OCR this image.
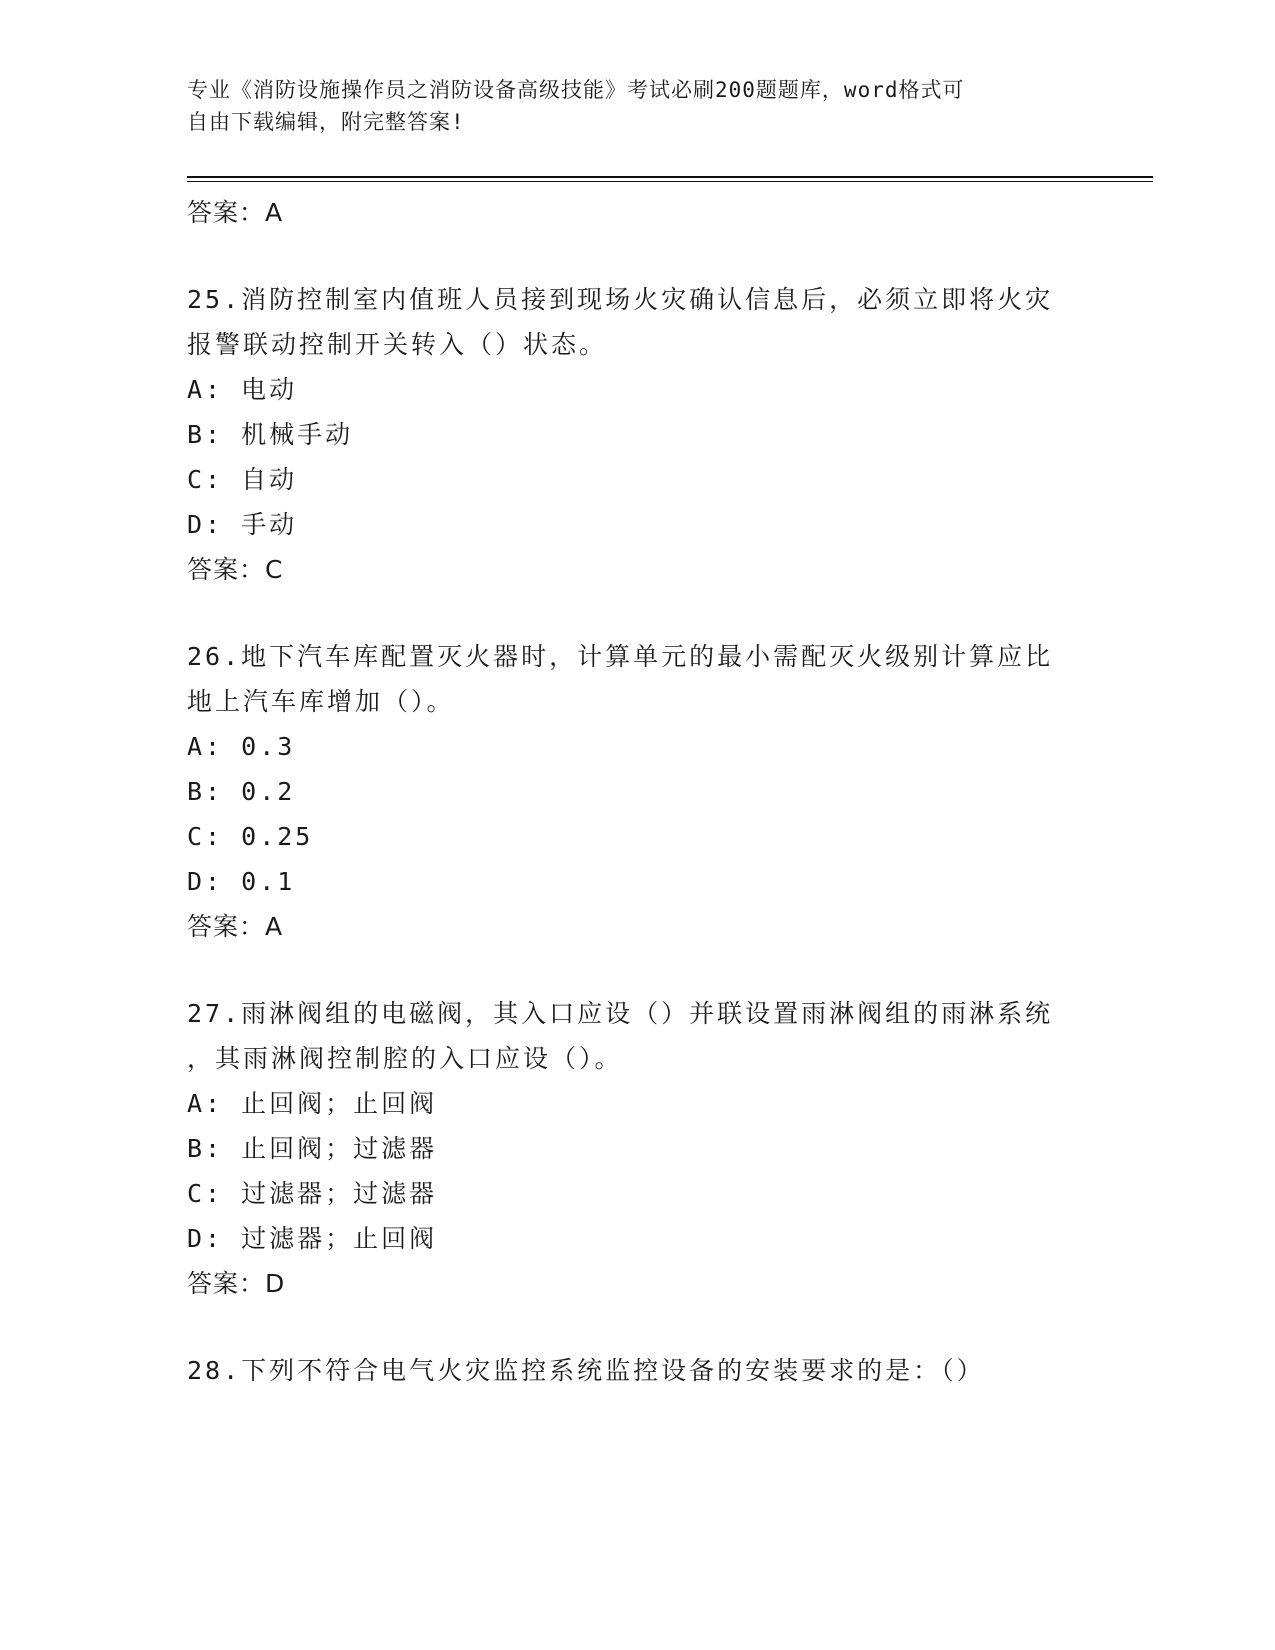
专业《消防设施操作员之消防设备高级技能》考试必刷200题题库，word格式可
自由下载编辑，附完整答案!
答案：A
25.消防控制室内值班人员接到现场火灾确认信息后，必须立即将火灾
报警联动控制开关转入（）状态。
A: 电动
B: 机械手动
C: 自动
D: 手动
答案：C
26.地下汽车库配置灭火器时，计算单元的最小需配灭火级别计算应比
地上汽车库增加（）。
A: 0.3
B: 0.2
C: 0.25
D: 0.1
答案：A
27.雨淋阀组的电磁阀，其入口应设（）并联设置雨淋阀组的雨淋系统
，其雨淋阀控制腔的入口应设（）。
A: 止回阀；止回阀
B: 止回阀；过滤器
C: 过滤器；过滤器
D: 过滤器；止回阀
答案：D
28.下列不符合电气火灾监控系统监控设备的安装要求的是：（）
